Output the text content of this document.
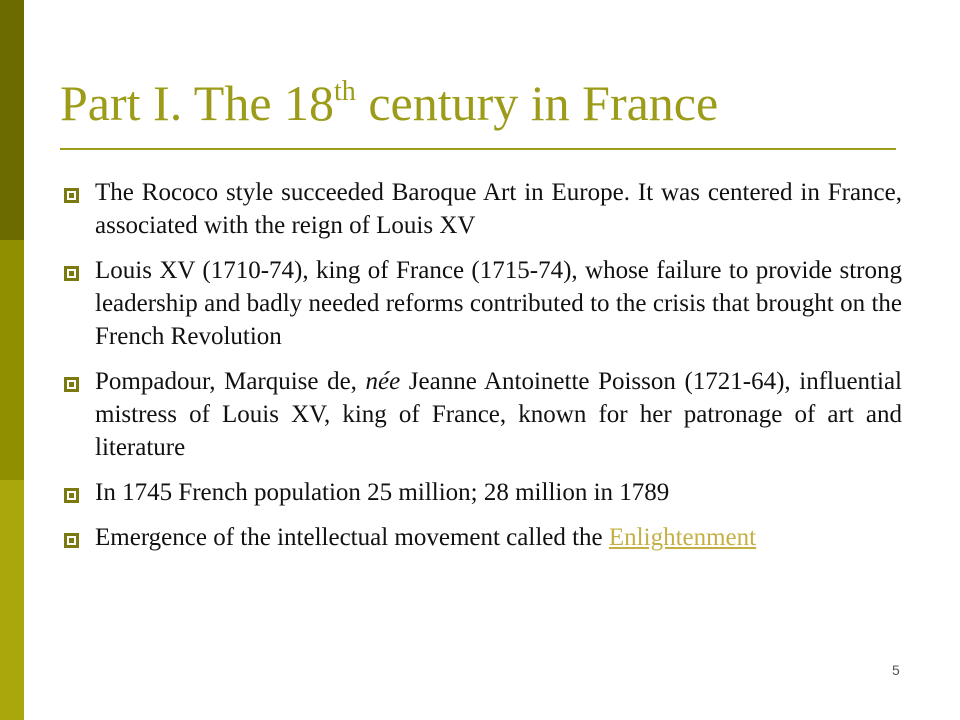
Part I. The 18th century in France
The Rococo style succeeded Baroque Art in Europe. It was centered in France, associated with the reign of Louis XV
Louis XV (1710-74), king of France (1715-74), whose failure to provide strong leadership and badly needed reforms contributed to the crisis that brought on the French Revolution
Pompadour, Marquise de, née Jeanne Antoinette Poisson (1721-64), influential mistress of Louis XV, king of France, known for her patronage of art and literature
In 1745 French population 25 million; 28 million in 1789
Emergence of the intellectual movement called the Enlightenment
5
